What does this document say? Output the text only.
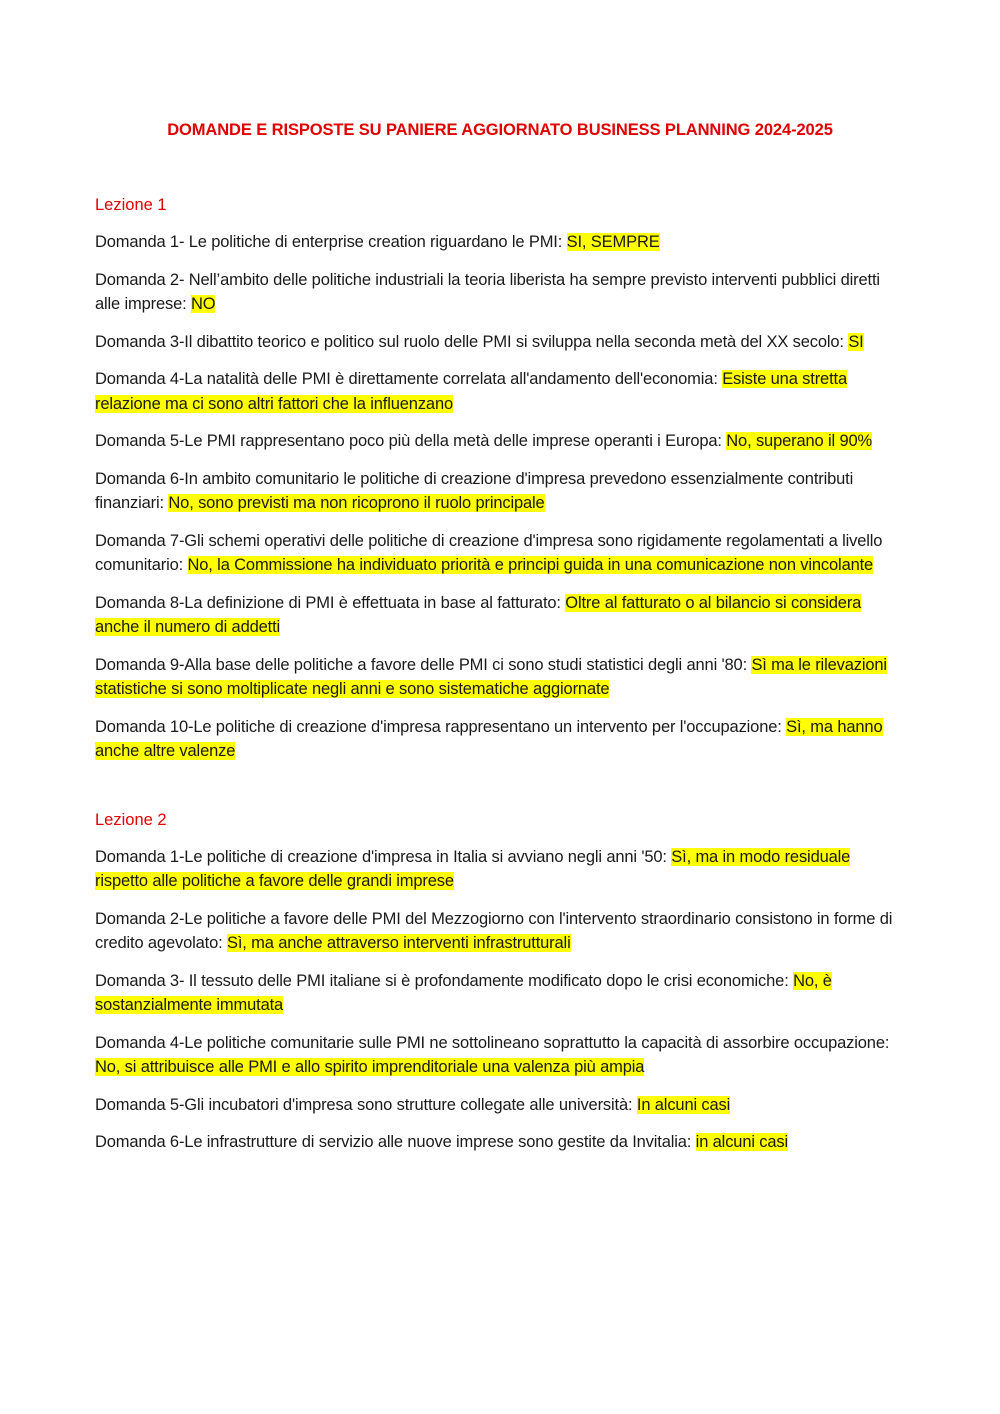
DOMANDE E RISPOSTE SU PANIERE AGGIORNATO BUSINESS PLANNING 2024-2025

Lezione 1

Domanda 1- Le politiche di enterprise creation riguardano le PMI: SI, SEMPRE

Domanda 2- Nell’ambito delle politiche industriali la teoria liberista ha sempre previsto interventi pubblici diretti alle imprese: NO

Domanda 3-Il dibattito teorico e politico sul ruolo delle PMI si sviluppa nella seconda metà del XX secolo: SI

Domanda 4-La natalità delle PMI è direttamente correlata all'andamento dell'economia: Esiste una stretta relazione ma ci sono altri fattori che la influenzano

Domanda 5-Le PMI rappresentano poco più della metà delle imprese operanti i Europa: No, superano il 90%

Domanda 6-In ambito comunitario le politiche di creazione d'impresa prevedono essenzialmente contributi finanziari: No, sono previsti ma non ricoprono il ruolo principale

Domanda 7-Gli schemi operativi delle politiche di creazione d'impresa sono rigidamente regolamentati a livello comunitario: No, la Commissione ha individuato priorità e principi guida in una comunicazione non vincolante

Domanda 8-La definizione di PMI è effettuata in base al fatturato: Oltre al fatturato o al bilancio si considera anche il numero di addetti

Domanda 9-Alla base delle politiche a favore delle PMI ci sono studi statistici degli anni '80: Sì ma le rilevazioni statistiche si sono moltiplicate negli anni e sono sistematiche aggiornate

Domanda 10-Le politiche di creazione d'impresa rappresentano un intervento per l'occupazione: Sì, ma hanno anche altre valenze

Lezione 2

Domanda 1-Le politiche di creazione d'impresa in Italia si avviano negli anni '50: Sì, ma in modo residuale rispetto alle politiche a favore delle grandi imprese

Domanda 2-Le politiche a favore delle PMI del Mezzogiorno con l'intervento straordinario consistono in forme di credito agevolato: Sì, ma anche attraverso interventi infrastrutturali

Domanda 3- Il tessuto delle PMI italiane si è profondamente modificato dopo le crisi economiche: No, è sostanzialmente immutata

Domanda 4-Le politiche comunitarie sulle PMI ne sottolineano soprattutto la capacità di assorbire occupazione: No, si attribuisce alle PMI e allo spirito imprenditoriale una valenza più ampia

Domanda 5-Gli incubatori d'impresa sono strutture collegate alle università: In alcuni casi

Domanda 6-Le infrastrutture di servizio alle nuove imprese sono gestite da Invitalia: in alcuni casi
